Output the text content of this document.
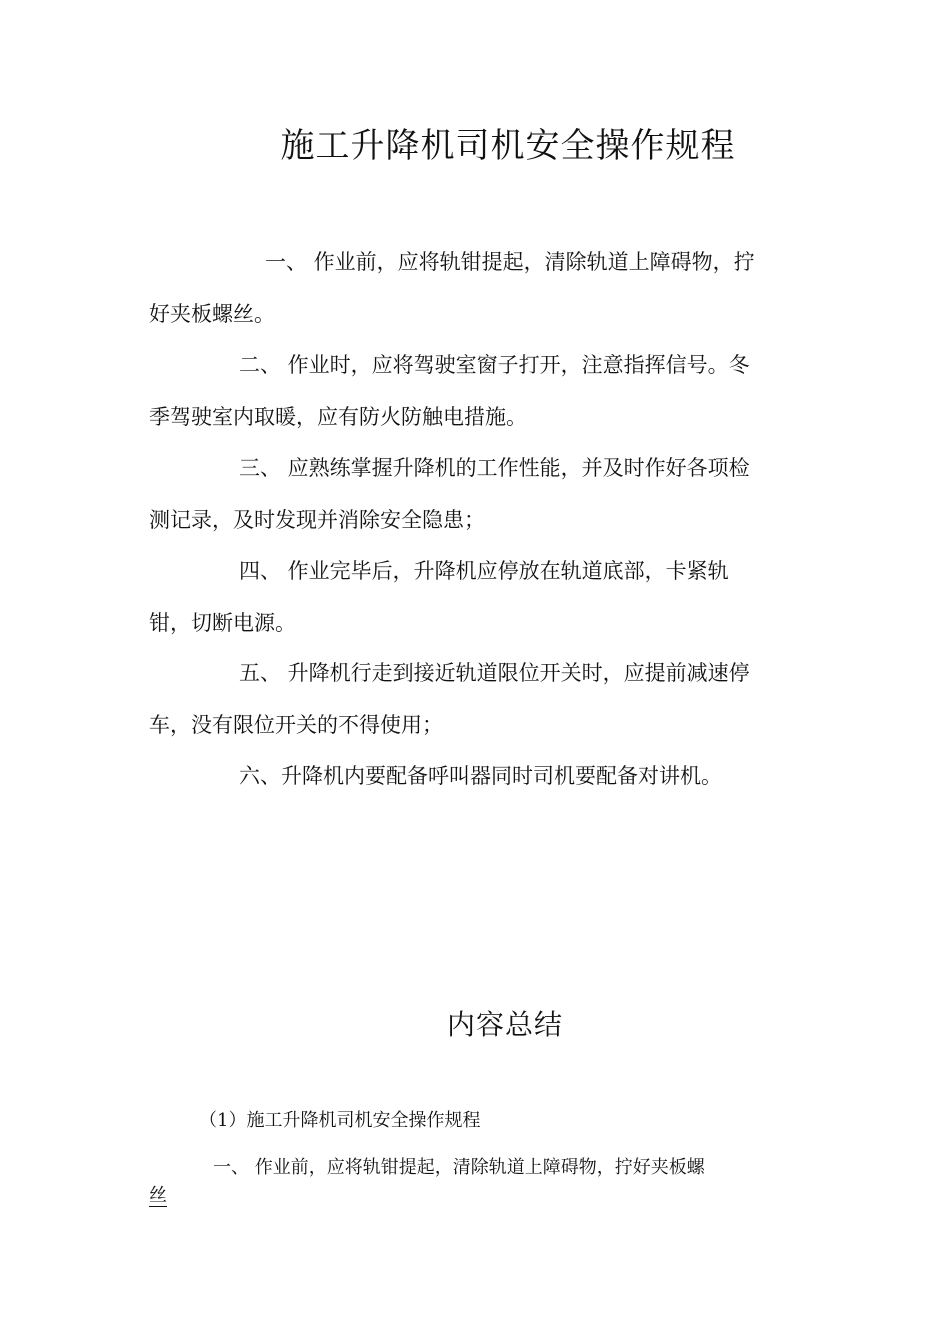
施工升降机司机安全操作规程
一、 作业前，应将轨钳提起，清除轨道上障碍物，拧
好夹板螺丝。
二、 作业时，应将驾驶室窗子打开，注意指挥信号。冬
季驾驶室内取暖，应有防火防触电措施。
三、 应熟练掌握升降机的工作性能，并及时作好各项检
测记录，及时发现并消除安全隐患；
四、 作业完毕后，升降机应停放在轨道底部，卡紧轨
钳，切断电源。
五、 升降机行走到接近轨道限位开关时，应提前减速停
车，没有限位开关的不得使用；
六、升降机内要配备呼叫器同时司机要配备对讲机。
内容总结
（1）施工升降机司机安全操作规程
一、 作业前，应将轨钳提起，清除轨道上障碍物，拧好夹板螺
丝
